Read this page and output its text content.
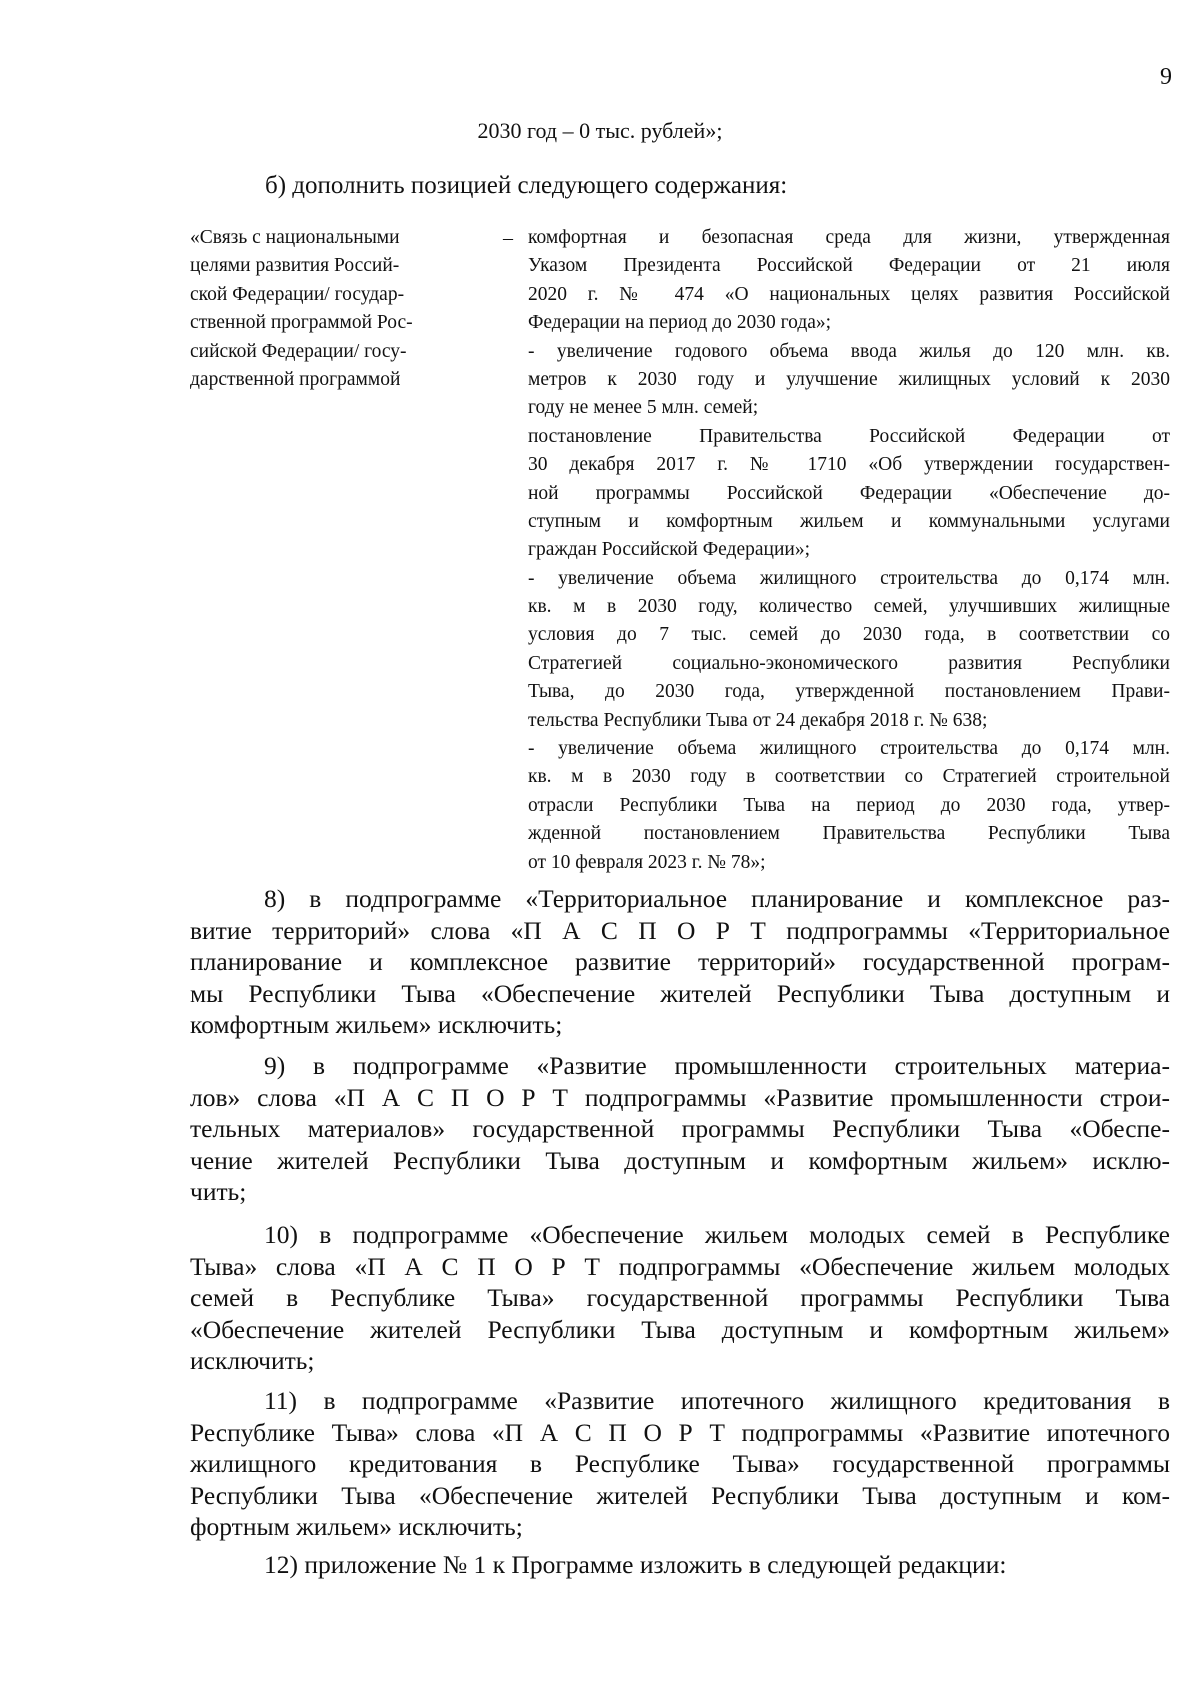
9
2030 год – 0 тыс. рублей»;
б) дополнить позицией следующего содержания:
«Связь с национальными
целями развития Россий-
ской Федерации/ государ-
ственной программой Рос-
сийской Федерации/ госу-
дарственной программой
– комфортная и безопасная среда для жизни, утвержденная
Указом Президента Российской Федерации от 21 июля
2020 г. № 474 «О национальных целях развития Российской
Федерации на период до 2030 года»;
- увеличение годового объема ввода жилья до 120 млн. кв.
метров к 2030 году и улучшение жилищных условий к 2030
году не менее 5 млн. семей;
постановление Правительства Российской Федерации от
30 декабря 2017 г. № 1710 «Об утверждении государствен-
ной программы Российской Федерации «Обеспечение до-
ступным и комфортным жильем и коммунальными услугами
граждан Российской Федерации»;
- увеличение объема жилищного строительства до 0,174 млн.
кв. м в 2030 году, количество семей, улучшивших жилищные
условия до 7 тыс. семей до 2030 года, в соответствии со
Стратегией социально-экономического развития Республики
Тыва, до 2030 года, утвержденной постановлением Прави-
тельства Республики Тыва от 24 декабря 2018 г. № 638;
- увеличение объема жилищного строительства до 0,174 млн.
кв. м в 2030 году в соответствии со Стратегией строительной
отрасли Республики Тыва на период до 2030 года, утвер-
жденной постановлением Правительства Республики Тыва
от 10 февраля 2023 г. № 78»;
8) в подпрограмме «Территориальное планирование и комплексное раз-
витие территорий» слова «П А С П О Р Т подпрограммы «Территориальное
планирование и комплексное развитие территорий» государственной програм-
мы Республики Тыва «Обеспечение жителей Республики Тыва доступным и
комфортным жильем» исключить;
9) в подпрограмме «Развитие промышленности строительных материа-
лов» слова «П А С П О Р Т подпрограммы «Развитие промышленности строи-
тельных материалов» государственной программы Республики Тыва «Обеспе-
чение жителей Республики Тыва доступным и комфортным жильем» исклю-
чить;
10) в подпрограмме «Обеспечение жильем молодых семей в Республике
Тыва» слова «П А С П О Р Т подпрограммы «Обеспечение жильем молодых
семей в Республике Тыва» государственной программы Республики Тыва
«Обеспечение жителей Республики Тыва доступным и комфортным жильем»
исключить;
11) в подпрограмме «Развитие ипотечного жилищного кредитования в
Республике Тыва» слова «П А С П О Р Т подпрограммы «Развитие ипотечного
жилищного кредитования в Республике Тыва» государственной программы
Республики Тыва «Обеспечение жителей Республики Тыва доступным и ком-
фортным жильем» исключить;
12) приложение № 1 к Программе изложить в следующей редакции:
